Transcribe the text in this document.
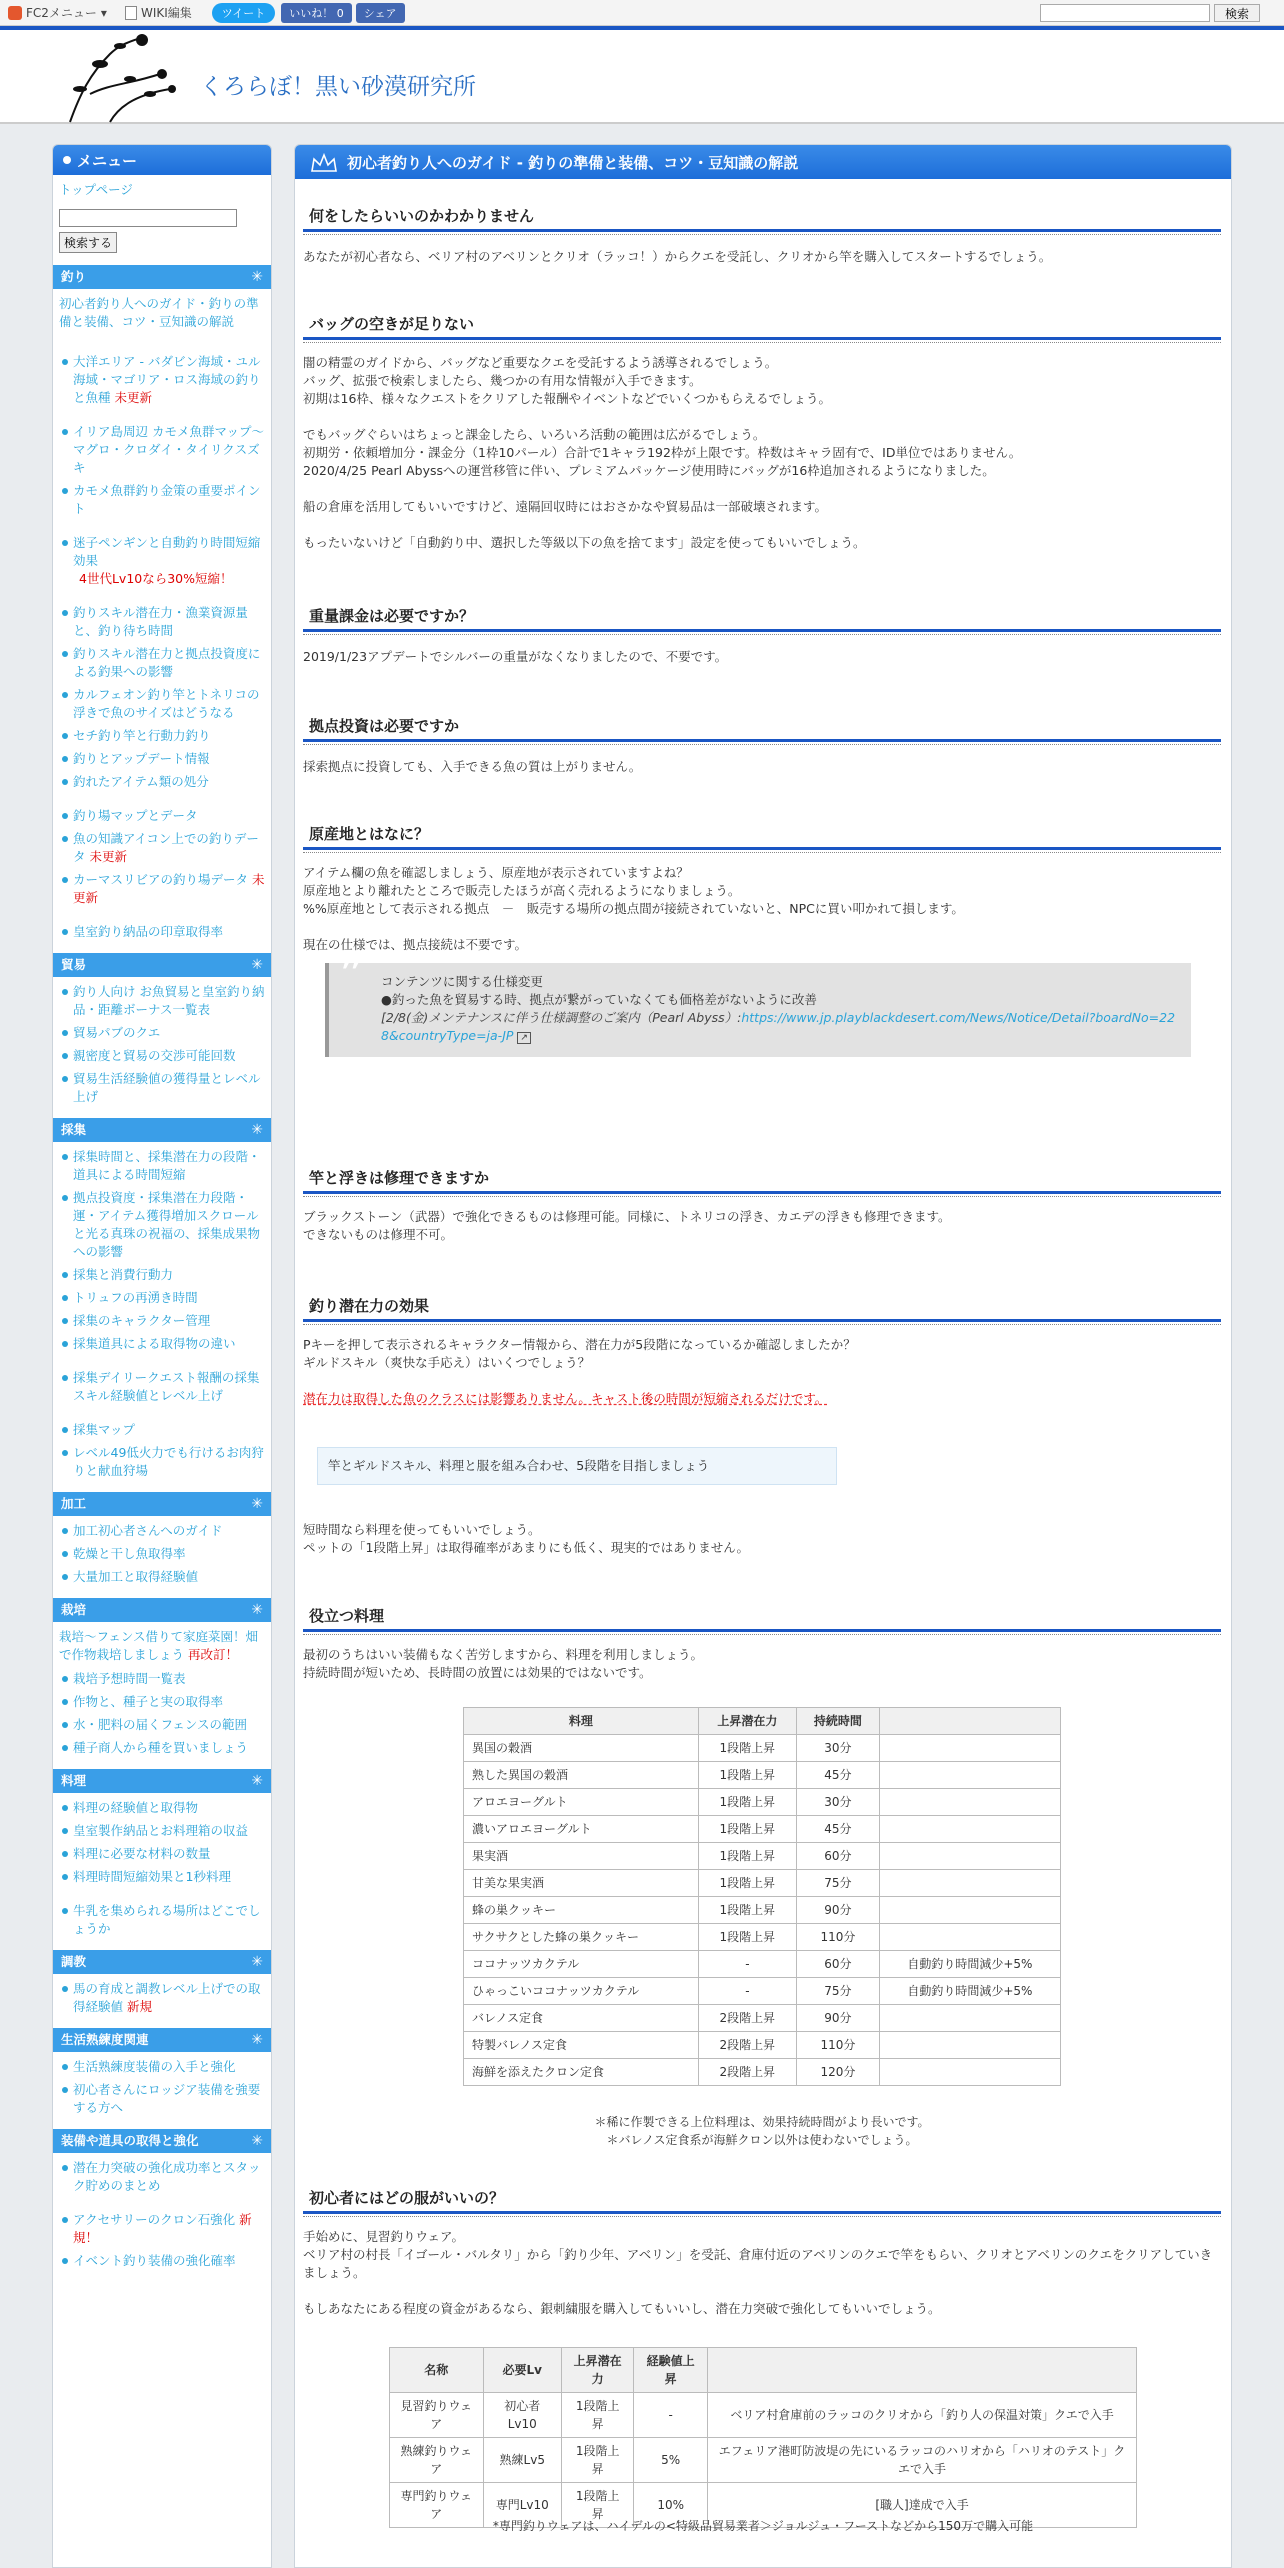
FC2メニュー ▾	WIKI編集	ツイート	いいね！ 0	シェア	検索
くろらぼ！黒い砂漠研究所
メニュー
トップページ
検索する
釣り	✳
初心者釣り人へのガイド・釣りの準備と装備、コツ・豆知識の解説
大洋エリア - バダビン海域・ユル海域・マゴリア・ロス海域の釣りと魚種 未更新
イリア島周辺 カモメ魚群マップ～マグロ・クロダイ・タイリクスズキ
カモメ魚群釣り金策の重要ポイント
迷子ペンギンと自動釣り時間短縮効果
4世代Lv10なら30%短縮！
釣りスキル潜在力・漁業資源量と、釣り待ち時間
釣りスキル潜在力と拠点投資度による釣果への影響
カルフェオン釣り竿とトネリコの浮きで魚のサイズはどうなる
セチ釣り竿と行動力釣り
釣りとアップデート情報
釣れたアイテム類の処分
釣り場マップとデータ
魚の知識アイコン上での釣りデータ 未更新
カーマスリビアの釣り場データ 未更新
皇室釣り納品の印章取得率
貿易	✳
釣り人向け お魚貿易と皇室釣り納品・距離ボーナス一覧表
貿易パブのクエ
親密度と貿易の交渉可能回数
貿易生活経験値の獲得量とレベル上げ
採集	✳
採集時間と、採集潜在力の段階・道具による時間短縮
拠点投資度・採集潜在力段階・運・アイテム獲得増加スクロールと光る真珠の祝福の、採集成果物への影響
採集と消費行動力
トリュフの再湧き時間
採集のキャラクター管理
採集道具による取得物の違い
採集デイリークエスト報酬の採集スキル経験値とレベル上げ
採集マップ
レベル49低火力でも行けるお肉狩りと献血狩場
加工	✳
加工初心者さんへのガイド
乾燥と干し魚取得率
大量加工と取得経験値
栽培	✳
栽培～フェンス借りて家庭菜園！畑で作物栽培しましょう 再改訂！
栽培予想時間一覧表
作物と、種子と実の取得率
水・肥料の届くフェンスの範囲
種子商人から種を買いましょう
料理	✳
料理の経験値と取得物
皇室製作納品とお料理箱の収益
料理に必要な材料の数量
料理時間短縮効果と1秒料理
牛乳を集められる場所はどこでしょうか
調教	✳
馬の育成と調教レベル上げでの取得経験値 新規
生活熟練度関連	✳
生活熟練度装備の入手と強化
初心者さんにロッジア装備を強要する方へ
装備や道具の取得と強化	✳
潜在力突破の強化成功率とスタック貯めのまとめ
アクセサリーのクロン石強化 新規！
イベント釣り装備の強化確率
初心者釣り人へのガイド - 釣りの準備と装備、コツ・豆知識の解説
何をしたらいいのかわかりません

あなたが初心者なら、ベリア村のアベリンとクリオ（ラッコ！）からクエを受託し、クリオから竿を購入してスタートするでしょう。

バッグの空きが足りない
闇の精霊のガイドから、バッグなど重要なクエを受託するよう誘導されるでしょう。
バッグ、拡張で検索しましたら、幾つかの有用な情報が入手できます。
初期は16枠、様々なクエストをクリアした報酬やイベントなどでいくつかもらえるでしょう。

でもバッグぐらいはちょっと課金したら、いろいろ活動の範囲は広がるでしょう。
初期労・依頼増加分・課金分（1枠10パール）合計で1キャラ192枠が上限です。枠数はキャラ固有で、ID単位ではありません。
2020/4/25 Pearl Abyssへの運営移管に伴い、プレミアムパッケージ使用時にバッグが16枠追加されるようになりました。

船の倉庫を活用してもいいですけど、遠隔回収時にはおさかなや貿易品は一部破壊されます。

もったいないけど「自動釣り中、選択した等級以下の魚を捨てます」設定を使ってもいいでしょう。
重量課金は必要ですか？

2019/1/23アプデートでシルバーの重量がなくなりましたので、不要です。

拠点投資は必要ですか

採索拠点に投資しても、入手できる魚の質は上がりません。

原産地とはなに？
アイテム欄の魚を確認しましょう、原産地が表示されていますよね？
原産地とより離れたところで販売したほうが高く売れるようになりましょう。
%%原産地として表示される拠点　－　販売する場所の拠点間が接続されていないと、NPCに買い叩かれて損します。

現在の仕様では、拠点接続は不要です。
❞ コンテンツに関する仕様変更
●釣った魚を貿易する時、拠点が繋がっていなくても価格差がないように改善
[2/8(金)メンテナンスに伴う仕様調整のご案内（Pearl Abyss）:https://www.jp.playblackdesert.com/News/Notice/Detail?boardNo=228&countryType=ja-JP ↗
竿と浮きは修理できますか
ブラックストーン（武器）で強化できるものは修理可能。同様に、トネリコの浮き、カエデの浮きも修理できます。
できないものは修理不可。
釣り潜在力の効果
Pキーを押して表示されるキャラクター情報から、潜在力が5段階になっているか確認しましたか？
ギルドスキル（爽快な手応え）はいくつでしょう？
潜在力は取得した魚のクラスには影響ありません。キャスト後の時間が短縮されるだけです。
竿とギルドスキル、料理と服を組み合わせ、5段階を目指しましょう
短時間なら料理を使ってもいいでしょう。
ペットの「1段階上昇」は取得確率があまりにも低く、現実的ではありません。
役立つ料理
最初のうちはいい装備もなく苦労しますから、料理を利用しましょう。
持続時間が短いため、長時間の放置には効果的ではないです。
料理	上昇潜在力	持続時間	
異国の穀酒	1段階上昇	30分	
熟した異国の穀酒	1段階上昇	45分	
アロエヨーグルト	1段階上昇	30分	
濃いアロエヨーグルト	1段階上昇	45分	
果実酒	1段階上昇	60分	
甘美な果実酒	1段階上昇	75分	
蜂の巣クッキー	1段階上昇	90分	
サクサクとした蜂の巣クッキー	1段階上昇	110分	
ココナッツカクテル	-	60分	自動釣り時間減少+5%
ひゃっこいココナッツカクテル	-	75分	自動釣り時間減少+5%
バレノス定食	2段階上昇	90分	
特製バレノス定食	2段階上昇	110分	
海鮮を添えたクロン定食	2段階上昇	120分	
＊稀に作製できる上位料理は、効果持続時間がより長いです。
＊バレノス定食系が海鮮クロン以外は使わないでしょう。
初心者にはどの服がいいの？
手始めに、見習釣りウェア。
ベリア村の村長「イゴール・バルタリ」から「釣り少年、アベリン」を受託、倉庫付近のアベリンのクエで竿をもらい、クリオとアベリンのクエをクリアしていきましょう。

もしあなたにある程度の資金があるなら、銀刺繍服を購入してもいいし、潜在力突破で強化してもいいでしょう。
名称	必要Lv	上昇潜在力	経験値上昇	
見習釣りウェア	初心者Lv10	1段階上昇	-	ベリア村倉庫前のラッコのクリオから「釣り人の保温対策」クエで入手
熟練釣りウェア	熟練Lv5	1段階上昇	5%	エフェリア港町防波堤の先にいるラッコのハリオから「ハリオのテスト」クエで入手
専門釣りウェア	専門Lv10	1段階上昇	10%	[職人]達成で入手
*専門釣りウェアは、ハイデルの<特級品貿易業者＞ジョルジュ・フーストなどから150万で購入可能
